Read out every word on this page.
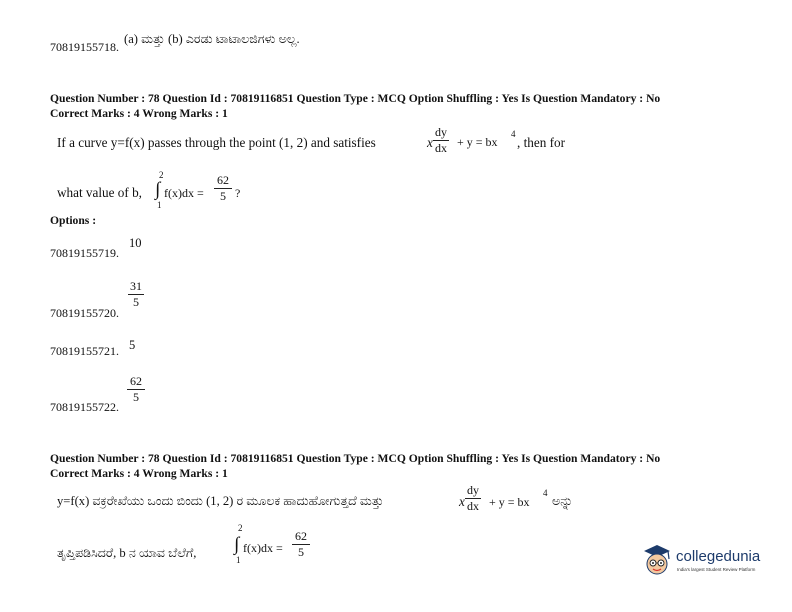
(a) ಮತ್ತು (b) ಎರಡು ಟಾಟಾಲಜಿಗಳು ಅಲ್ಲ.
70819155718.
Question Number : 78 Question Id : 70819116851 Question Type : MCQ Option Shuffling : Yes Is Question Mandatory : No
Correct Marks : 4 Wrong Marks : 1
If a curve y=f(x) passes through the point (1, 2) and satisfies	x
dy
dx + y = bx
4
, then for
what value of b,
2
∫
1
f(x)dx =
62
5 ?
Options :
70819155719.
10
70819155720.
31
5
70819155721. 5
70819155722.
62
5
Question Number : 78 Question Id : 70819116851 Question Type : MCQ Option Shuffling : Yes Is Question Mandatory : No
Correct Marks : 4 Wrong Marks : 1
y=f(x) ವಕ್ರರೇಖೆಯು ಒಂದು ಬಿಂದು (1, 2) ರ ಮೂಲಕ ಹಾದುಹೋಗುತ್ತದೆ ಮತ್ತು	x
dy
dx + y = bx
4
ಅನ್ನು
ತೃಪ್ತಿಪಡಿಸಿದರೆ, b ನ ಯಾವ ಬೆಲೆಗೆ,
2
∫
1
f(x)dx =
62
5	collegedunia
India's largest Student Review Platform
